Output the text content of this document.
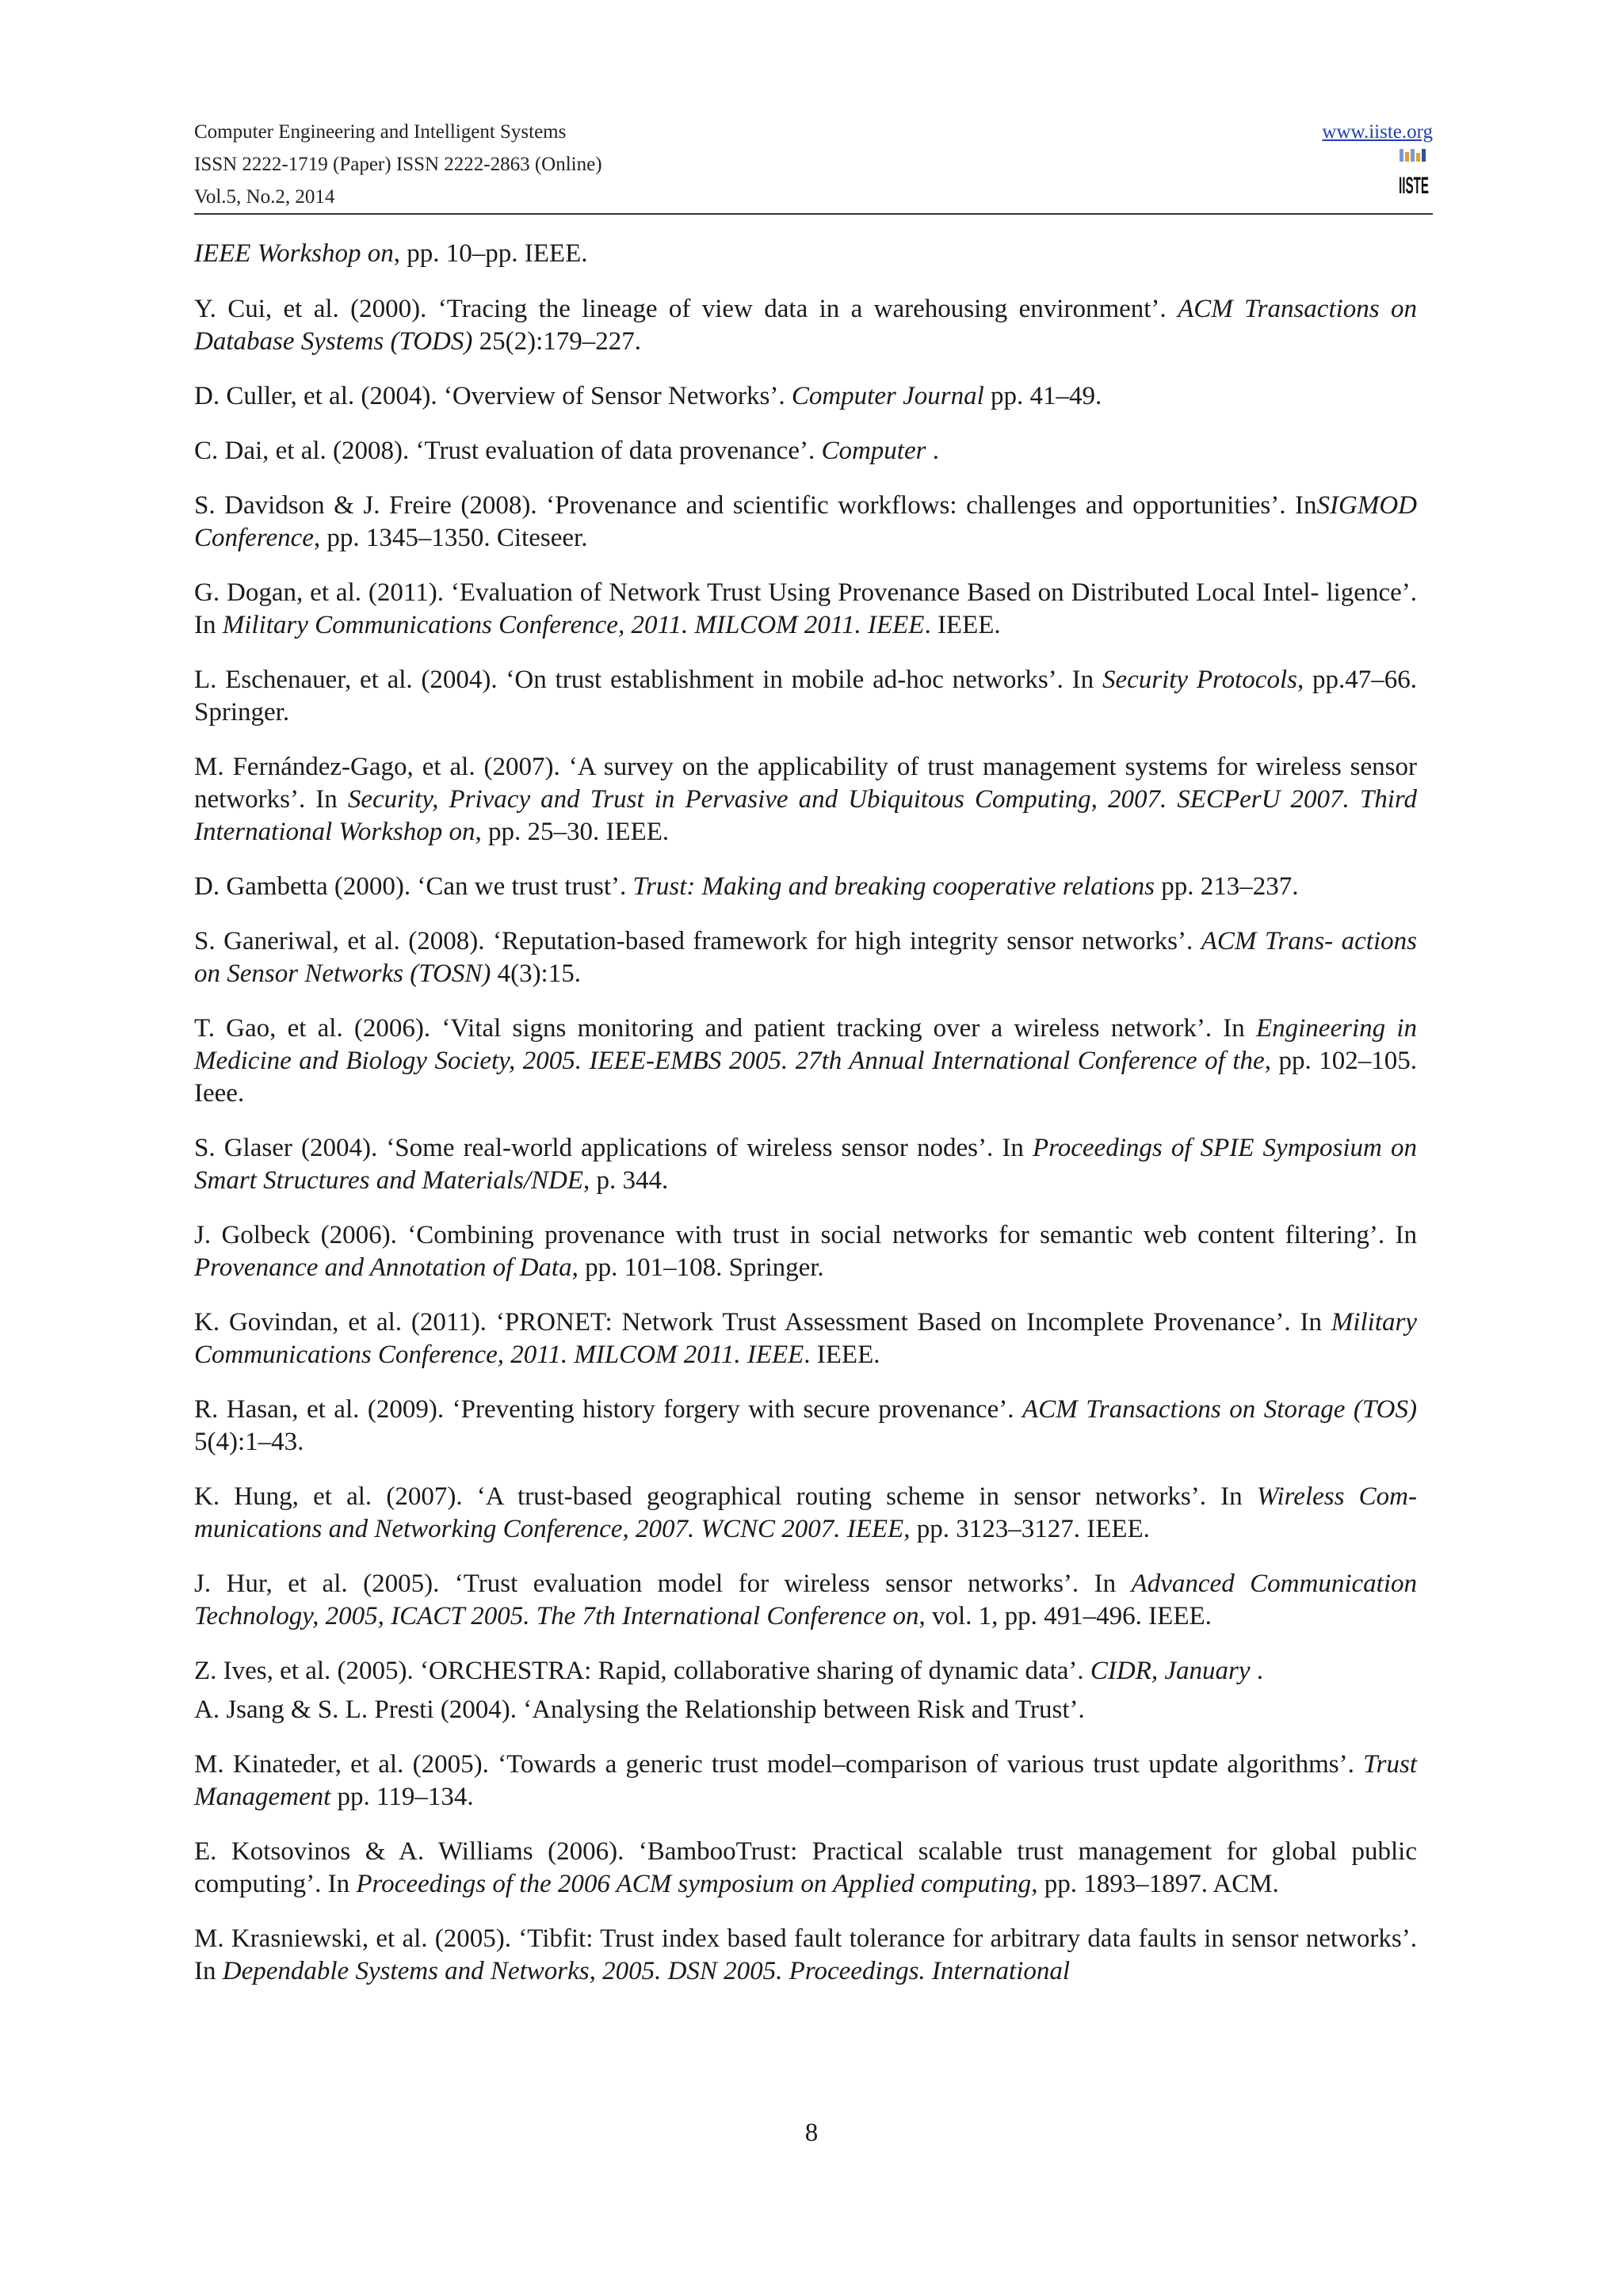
Computer Engineering and Intelligent Systems
ISSN 2222-1719 (Paper) ISSN 2222-2863 (Online)
Vol.5, No.2, 2014
www.iiste.org
IISTE

IEEE Workshop on, pp. 10–pp. IEEE.

Y. Cui, et al. (2000). ‘Tracing the lineage of view data in a warehousing environment’. ACM Transactions on Database Systems (TODS) 25(2):179–227.

D. Culler, et al. (2004). ‘Overview of Sensor Networks’. Computer Journal pp. 41–49.

C. Dai, et al. (2008). ‘Trust evaluation of data provenance’. Computer .

S. Davidson & J. Freire (2008). ‘Provenance and scientific workflows: challenges and opportunities’. InSIGMOD Conference, pp. 1345–1350. Citeseer.

G. Dogan, et al. (2011). ‘Evaluation of Network Trust Using Provenance Based on Distributed Local Intel- ligence’. In Military Communications Conference, 2011. MILCOM 2011. IEEE. IEEE.

L. Eschenauer, et al. (2004). ‘On trust establishment in mobile ad-hoc networks’. In Security Protocols, pp.47–66. Springer.

M. Fernández-Gago, et al. (2007). ‘A survey on the applicability of trust management systems for wireless sensor networks’. In Security, Privacy and Trust in Pervasive and Ubiquitous Computing, 2007. SECPerU 2007. Third International Workshop on, pp. 25–30. IEEE.

D. Gambetta (2000). ‘Can we trust trust’. Trust: Making and breaking cooperative relations pp. 213–237.

S. Ganeriwal, et al. (2008). ‘Reputation-based framework for high integrity sensor networks’. ACM Trans- actions on Sensor Networks (TOSN) 4(3):15.

T. Gao, et al. (2006). ‘Vital signs monitoring and patient tracking over a wireless network’. In Engineering in Medicine and Biology Society, 2005. IEEE-EMBS 2005. 27th Annual International Conference of the, pp. 102–105. Ieee.

S. Glaser (2004). ‘Some real-world applications of wireless sensor nodes’. In Proceedings of SPIE Symposium on Smart Structures and Materials/NDE, p. 344.

J. Golbeck (2006). ‘Combining provenance with trust in social networks for semantic web content filtering’. In Provenance and Annotation of Data, pp. 101–108. Springer.

K. Govindan, et al. (2011). ‘PRONET: Network Trust Assessment Based on Incomplete Provenance’. In Military Communications Conference, 2011. MILCOM 2011. IEEE. IEEE.

R. Hasan, et al. (2009). ‘Preventing history forgery with secure provenance’. ACM Transactions on Storage (TOS) 5(4):1–43.

K. Hung, et al. (2007). ‘A trust-based geographical routing scheme in sensor networks’. In Wireless Com- munications and Networking Conference, 2007. WCNC 2007. IEEE, pp. 3123–3127. IEEE.

J. Hur, et al. (2005). ‘Trust evaluation model for wireless sensor networks’. In Advanced Communication Technology, 2005, ICACT 2005. The 7th International Conference on, vol. 1, pp. 491–496. IEEE.

Z. Ives, et al. (2005). ‘ORCHESTRA: Rapid, collaborative sharing of dynamic data’. CIDR, January .

A. Jsang & S. L. Presti (2004). ‘Analysing the Relationship between Risk and Trust’.

M. Kinateder, et al. (2005). ‘Towards a generic trust model–comparison of various trust update algorithms’. Trust Management pp. 119–134.

E. Kotsovinos & A. Williams (2006). ‘BambooTrust: Practical scalable trust management for global public computing’. In Proceedings of the 2006 ACM symposium on Applied computing, pp. 1893–1897. ACM.

M. Krasniewski, et al. (2005). ‘Tibfit: Trust index based fault tolerance for arbitrary data faults in sensor networks’. In Dependable Systems and Networks, 2005. DSN 2005. Proceedings. International

8
